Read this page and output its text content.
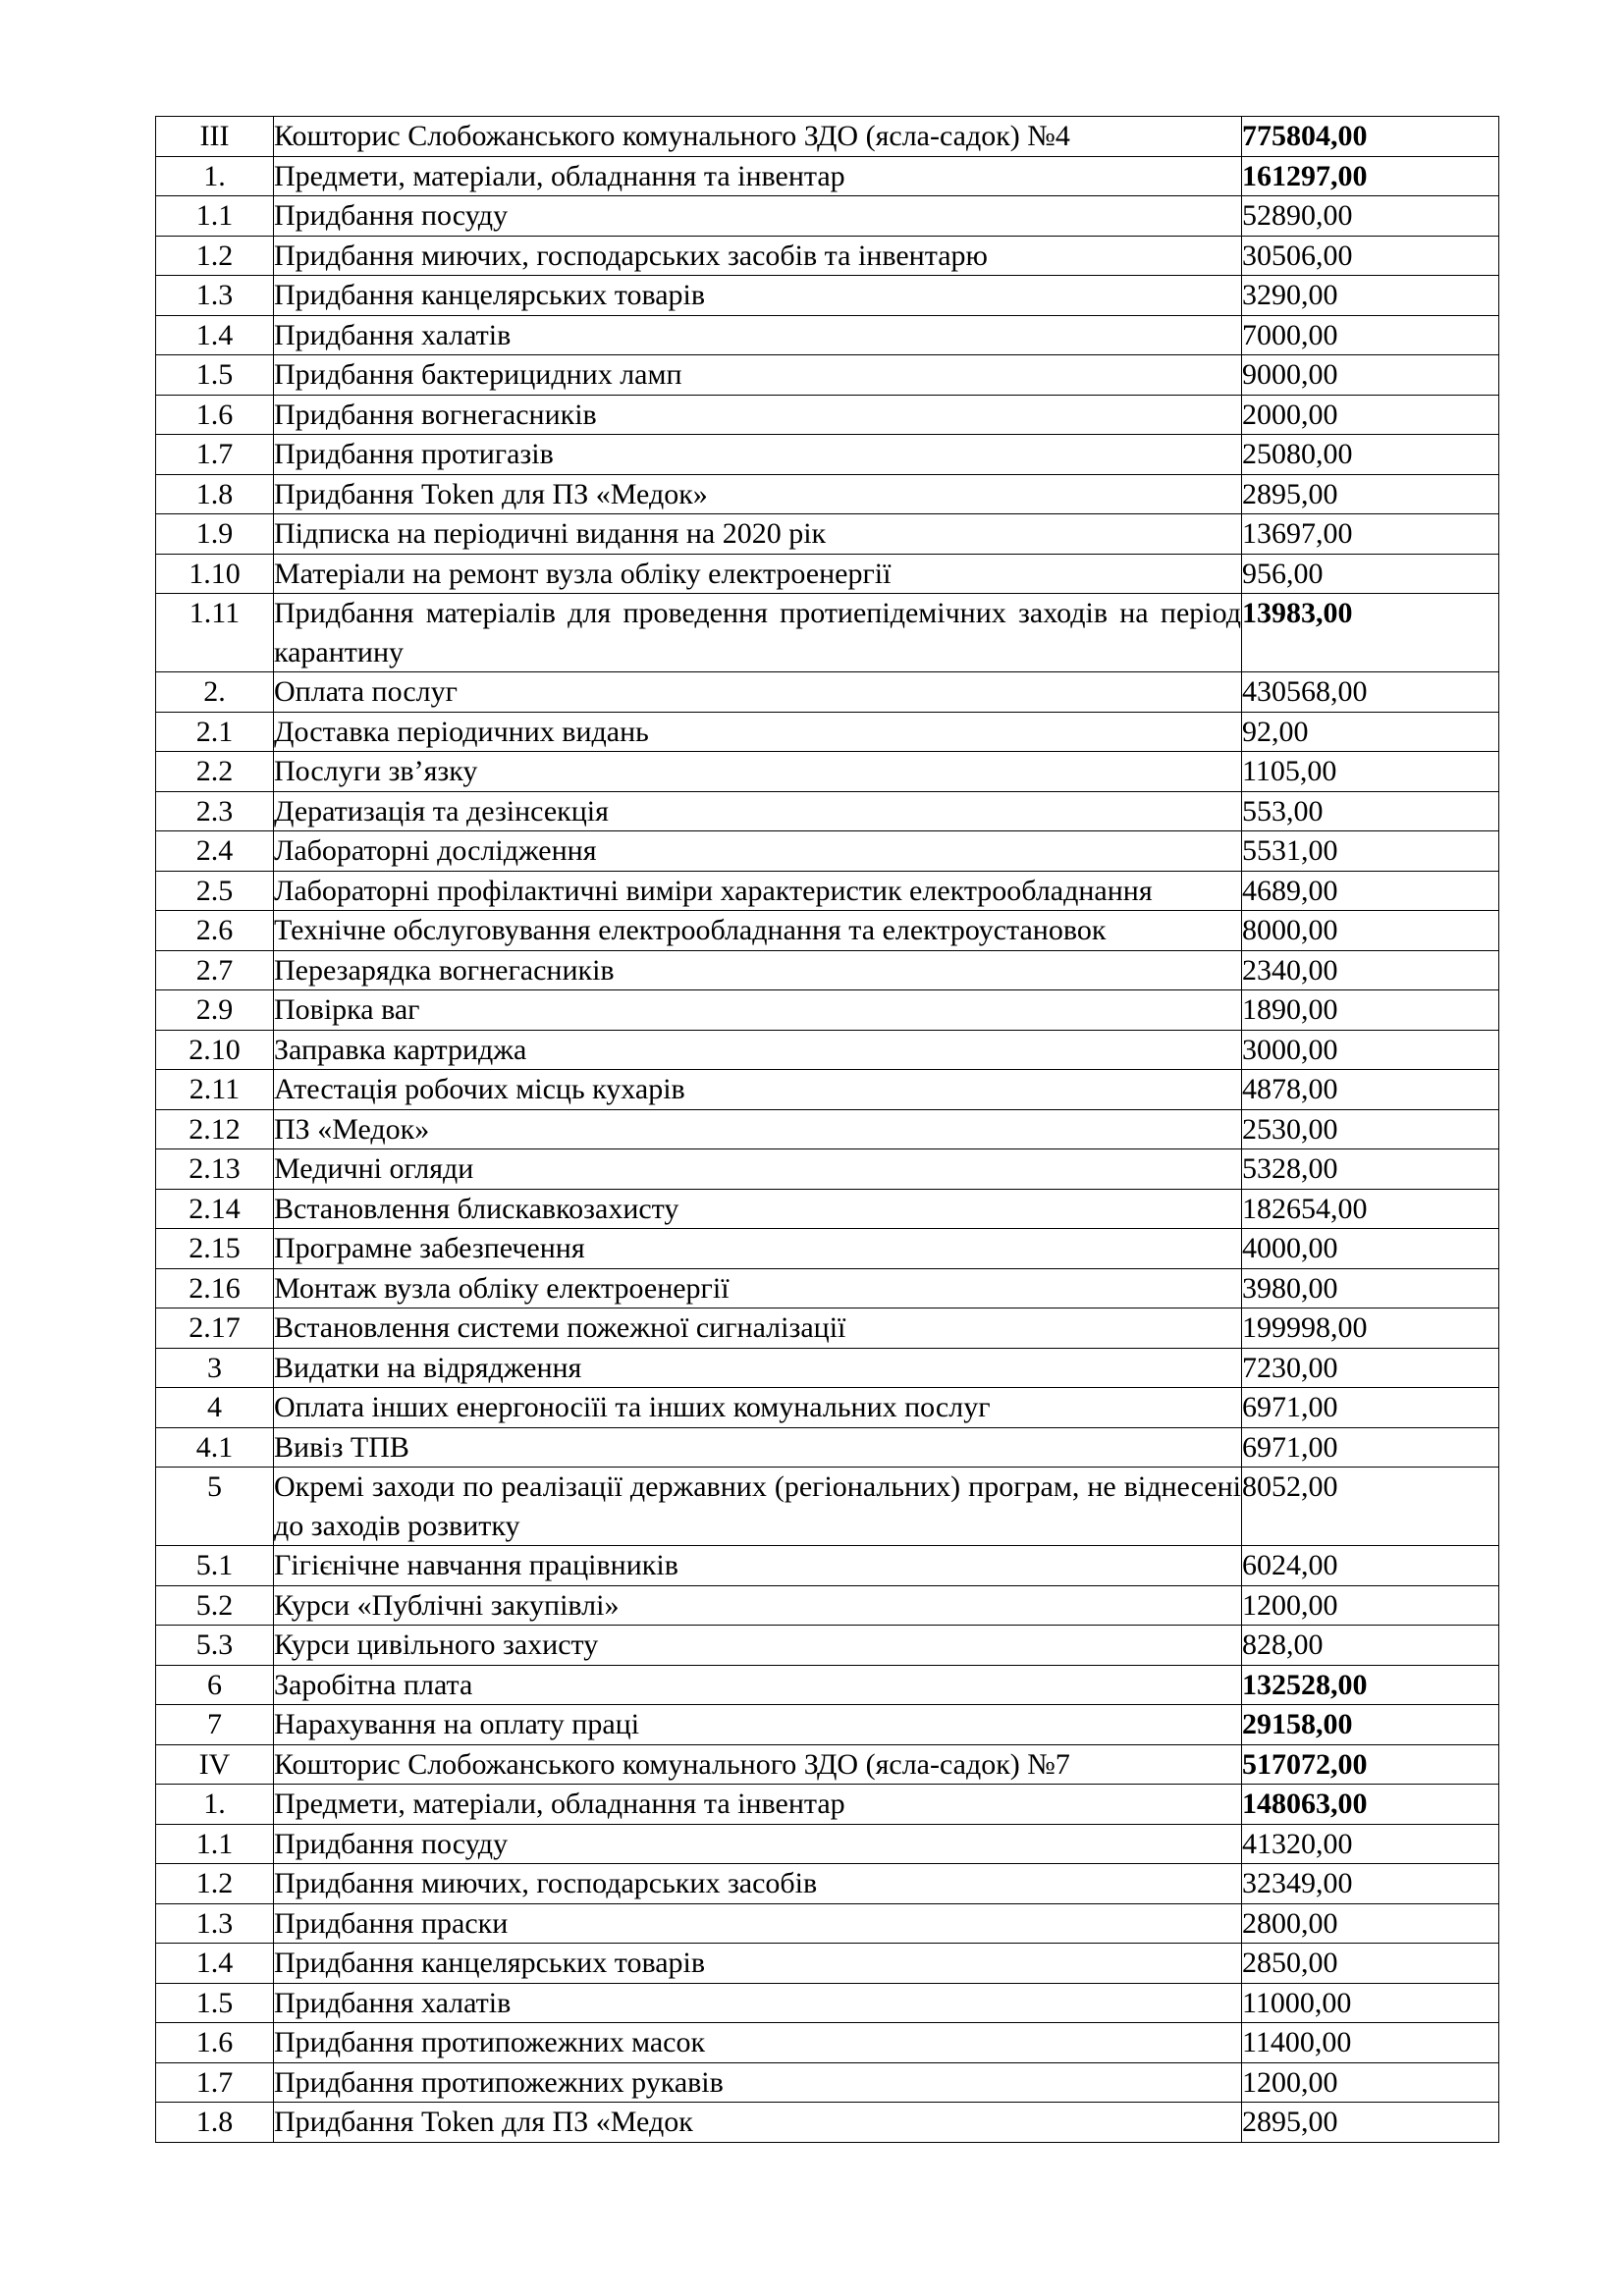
III	Кошторис Слобожанського комунального ЗДО (ясла-садок) №4	775804,00
1.	Предмети, матеріали, обладнання та інвентар	161297,00
1.1	Придбання посуду	52890,00
1.2	Придбання миючих, господарських засобів та інвентарю	30506,00
1.3	Придбання канцелярських товарів	3290,00
1.4	Придбання халатів	7000,00
1.5	Придбання бактерицидних ламп	9000,00
1.6	Придбання вогнегасників	2000,00
1.7	Придбання протигазів	25080,00
1.8	Придбання Token для ПЗ «Медок»	2895,00
1.9	Підписка на періодичні видання на 2020 рік	13697,00
1.10	Матеріали на ремонт вузла обліку електроенергії	956,00
1.11	Придбання матеріалів для проведення протиепідемічних заходів на період карантину	13983,00
2.	Оплата послуг	430568,00
2.1	Доставка періодичних видань	92,00
2.2	Послуги зв’язку	1105,00
2.3	Дератизація та дезінсекція	553,00
2.4	Лабораторні дослідження	5531,00
2.5	Лабораторні профілактичні виміри характеристик електрообладнання	4689,00
2.6	Технічне обслуговування електрообладнання та електроустановок	8000,00
2.7	Перезарядка вогнегасників	2340,00
2.9	Повірка ваг	1890,00
2.10	Заправка картриджа	3000,00
2.11	Атестація робочих місць кухарів	4878,00
2.12	ПЗ «Медок»	2530,00
2.13	Медичні огляди	5328,00
2.14	Встановлення блискавкозахисту	182654,00
2.15	Програмне забезпечення	4000,00
2.16	Монтаж вузла обліку електроенергії	3980,00
2.17	Встановлення системи пожежної сигналізації	199998,00
3	Видатки на відрядження	7230,00
4	Оплата інших енергоносіїі та інших комунальних послуг	6971,00
4.1	Вивіз ТПВ	6971,00
5	Окремі заходи по реалізації державних (регіональних) програм, не віднесені до заходів розвитку	8052,00
5.1	Гігієнічне навчання працівників	6024,00
5.2	Курси «Публічні закупівлі»	1200,00
5.3	Курси цивільного захисту	828,00
6	Заробітна плата	132528,00
7	Нарахування на оплату праці	29158,00
IV	Кошторис Слобожанського комунального ЗДО (ясла-садок) №7	517072,00
1.	Предмети, матеріали, обладнання та інвентар	148063,00
1.1	Придбання посуду	41320,00
1.2	Придбання миючих, господарських засобів	32349,00
1.3	Придбання праски	2800,00
1.4	Придбання канцелярських товарів	2850,00
1.5	Придбання халатів	11000,00
1.6	Придбання протипожежних масок	11400,00
1.7	Придбання протипожежних рукавів	1200,00
1.8	Придбання Token для ПЗ «Медок	2895,00
